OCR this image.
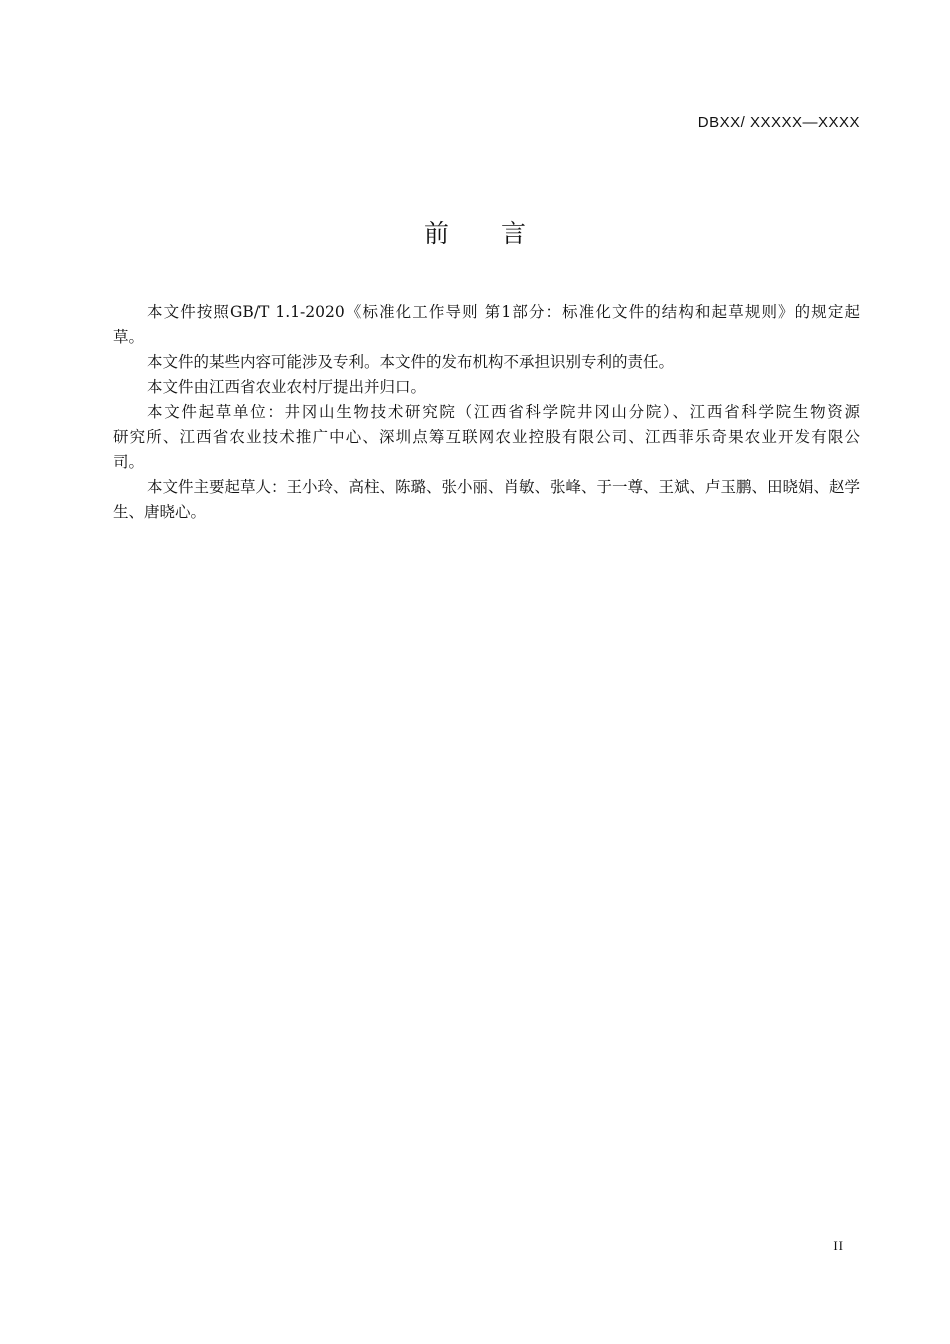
DBXX/ XXXXX—XXXX
前 言
本文件按照GB/T 1.1-2020《标准化工作导则 第1部分：标准化文件的结构和起草规则》的规定起
草。
本文件的某些内容可能涉及专利。本文件的发布机构不承担识别专利的责任。
本文件由江西省农业农村厅提出并归口。
本文件起草单位：井冈山生物技术研究院（江西省科学院井冈山分院）、江西省科学院生物资源
研究所、江西省农业技术推广中心、深圳点筹互联网农业控股有限公司、江西菲乐奇果农业开发有限公
司。
本文件主要起草人：王小玲、高柱、陈璐、张小丽、肖敏、张峰、于一尊、王斌、卢玉鹏、田晓娟、赵学
生、唐晓心。
II
